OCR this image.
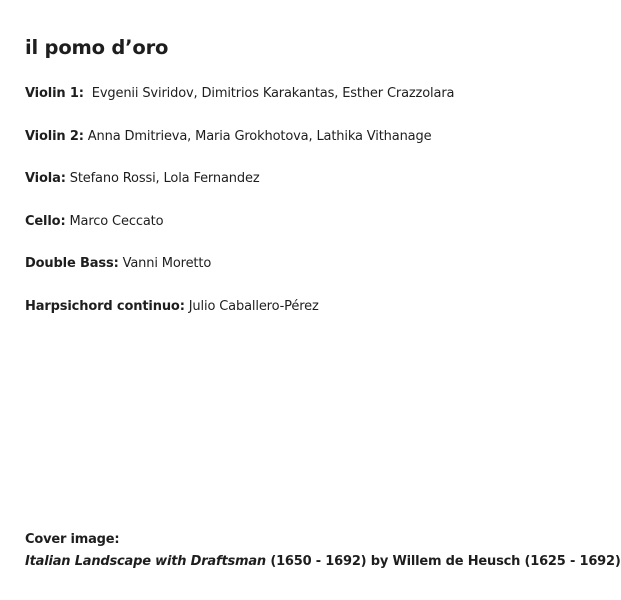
il pomo d’oro
Violin 1: Evgenii Sviridov, Dimitrios Karakantas, Esther Crazzolara
Violin 2: Anna Dmitrieva, Maria Grokhotova, Lathika Vithanage
Viola: Stefano Rossi, Lola Fernandez
Cello: Marco Ceccato
Double Bass: Vanni Moretto
Harpsichord continuo: Julio Caballero-Pérez
Cover image:
Italian Landscape with Draftsman (1650 - 1692) by Willem de Heusch (1625 - 1692)
